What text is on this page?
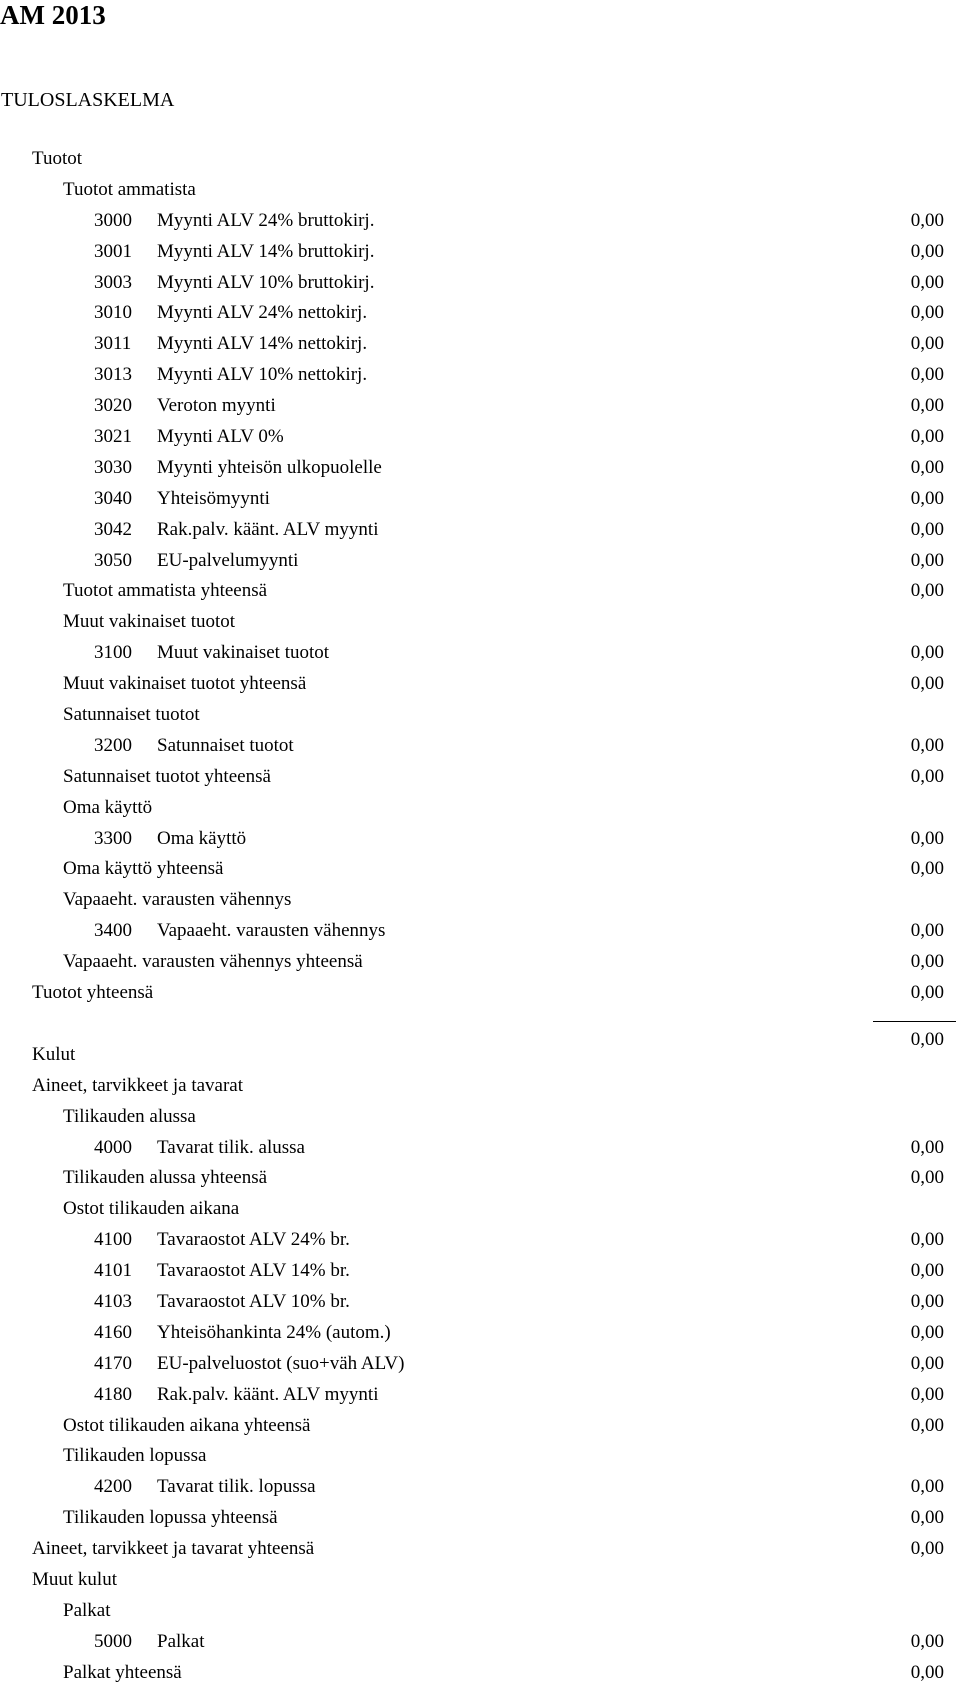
AM 2013
TULOSLASKELMA
Tuotot
Tuotot ammatista
3000 Myynti ALV 24% bruttokirj.	0,00
3001 Myynti ALV 14% bruttokirj.	0,00
3003 Myynti ALV 10% bruttokirj.	0,00
3010 Myynti ALV 24% nettokirj.	0,00
3011 Myynti ALV 14% nettokirj.	0,00
3013 Myynti ALV 10% nettokirj.	0,00
3020 Veroton myynti	0,00
3021 Myynti ALV 0%	0,00
3030 Myynti yhteisön ulkopuolelle	0,00
3040 Yhteisömyynti	0,00
3042 Rak.palv. käänt. ALV myynti	0,00
3050 EU-palvelumyynti	0,00
Tuotot ammatista yhteensä	0,00
Muut vakinaiset tuotot
3100 Muut vakinaiset tuotot	0,00
Muut vakinaiset tuotot yhteensä	0,00
Satunnaiset tuotot
3200 Satunnaiset tuotot	0,00
Satunnaiset tuotot yhteensä	0,00
Oma käyttö
3300 Oma käyttö	0,00
Oma käyttö yhteensä	0,00
Vapaaeht. varausten vähennys
3400 Vapaaeht. varausten vähennys	0,00
Vapaaeht. varausten vähennys yhteensä	0,00
Tuotot yhteensä	0,00
0,00
Kulut
Aineet, tarvikkeet ja tavarat
Tilikauden alussa
4000 Tavarat tilik. alussa	0,00
Tilikauden alussa yhteensä	0,00
Ostot tilikauden aikana
4100 Tavaraostot ALV 24% br.	0,00
4101 Tavaraostot ALV 14% br.	0,00
4103 Tavaraostot ALV 10% br.	0,00
4160 Yhteisöhankinta 24% (autom.)	0,00
4170 EU-palveluostot (suo+väh ALV)	0,00
4180 Rak.palv. käänt. ALV myynti	0,00
Ostot tilikauden aikana yhteensä	0,00
Tilikauden lopussa
4200 Tavarat tilik. lopussa	0,00
Tilikauden lopussa yhteensä	0,00
Aineet, tarvikkeet ja tavarat yhteensä	0,00
Muut kulut
Palkat
5000 Palkat	0,00
Palkat yhteensä	0,00
